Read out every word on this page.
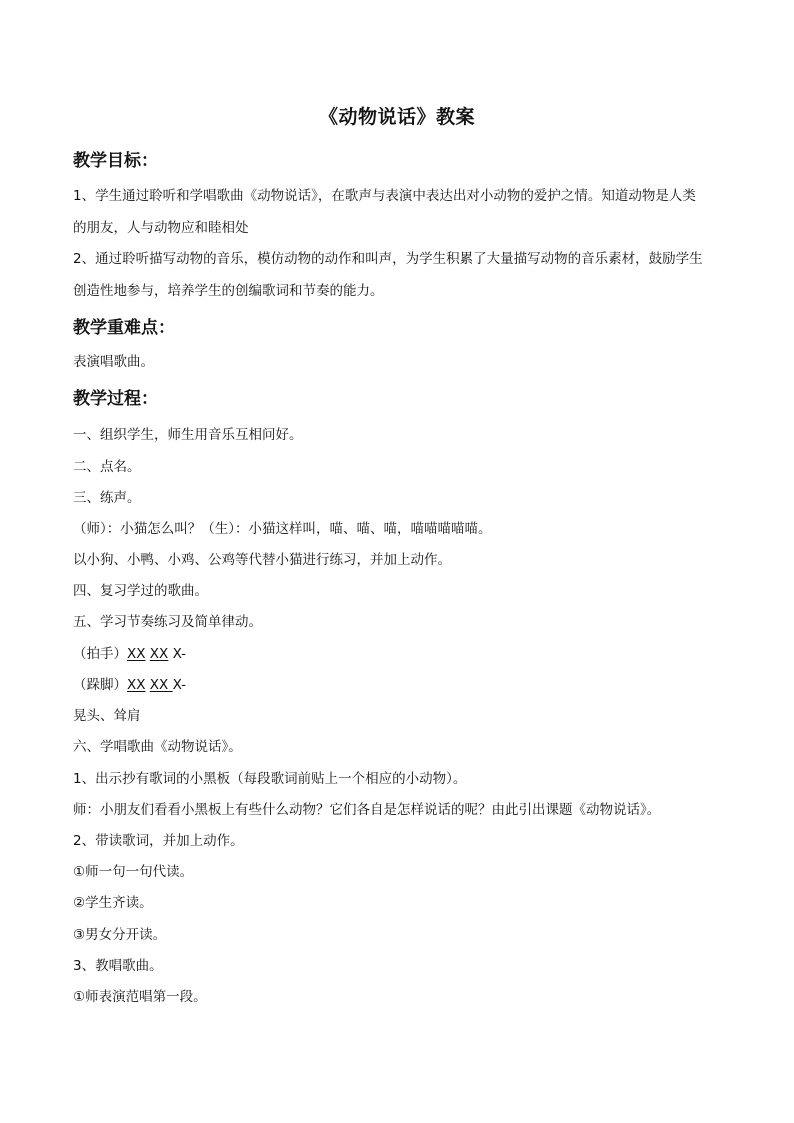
《动物说话》教案
教学目标：
1、学生通过聆听和学唱歌曲《动物说话》，在歌声与表演中表达出对小动物的爱护之情。知道动物是人类
的朋友，人与动物应和睦相处
2、通过聆听描写动物的音乐，模仿动物的动作和叫声，为学生积累了大量描写动物的音乐素材，鼓励学生
创造性地参与，培养学生的创编歌词和节奏的能力。
教学重难点：
表演唱歌曲。
教学过程：
一、组织学生，师生用音乐互相问好。
二、点名。
三、练声。
（师）：小猫怎么叫？（生）：小猫这样叫，喵、喵、喵，喵喵喵喵喵。
以小狗、小鸭、小鸡、公鸡等代替小猫进行练习，并加上动作。
四、复习学过的歌曲。
五、学习节奏练习及简单律动。
（拍手）XX XX X-
（跺脚）XX XX X-
晃头、耸肩
六、学唱歌曲《动物说话》。
1、出示抄有歌词的小黑板（每段歌词前贴上一个相应的小动物）。
师：小朋友们看看小黑板上有些什么动物？它们各自是怎样说话的呢？由此引出课题《动物说话》。
2、带读歌词，并加上动作。
①师一句一句代读。
②学生齐读。
③男女分开读。
3、教唱歌曲。
①师表演范唱第一段。
